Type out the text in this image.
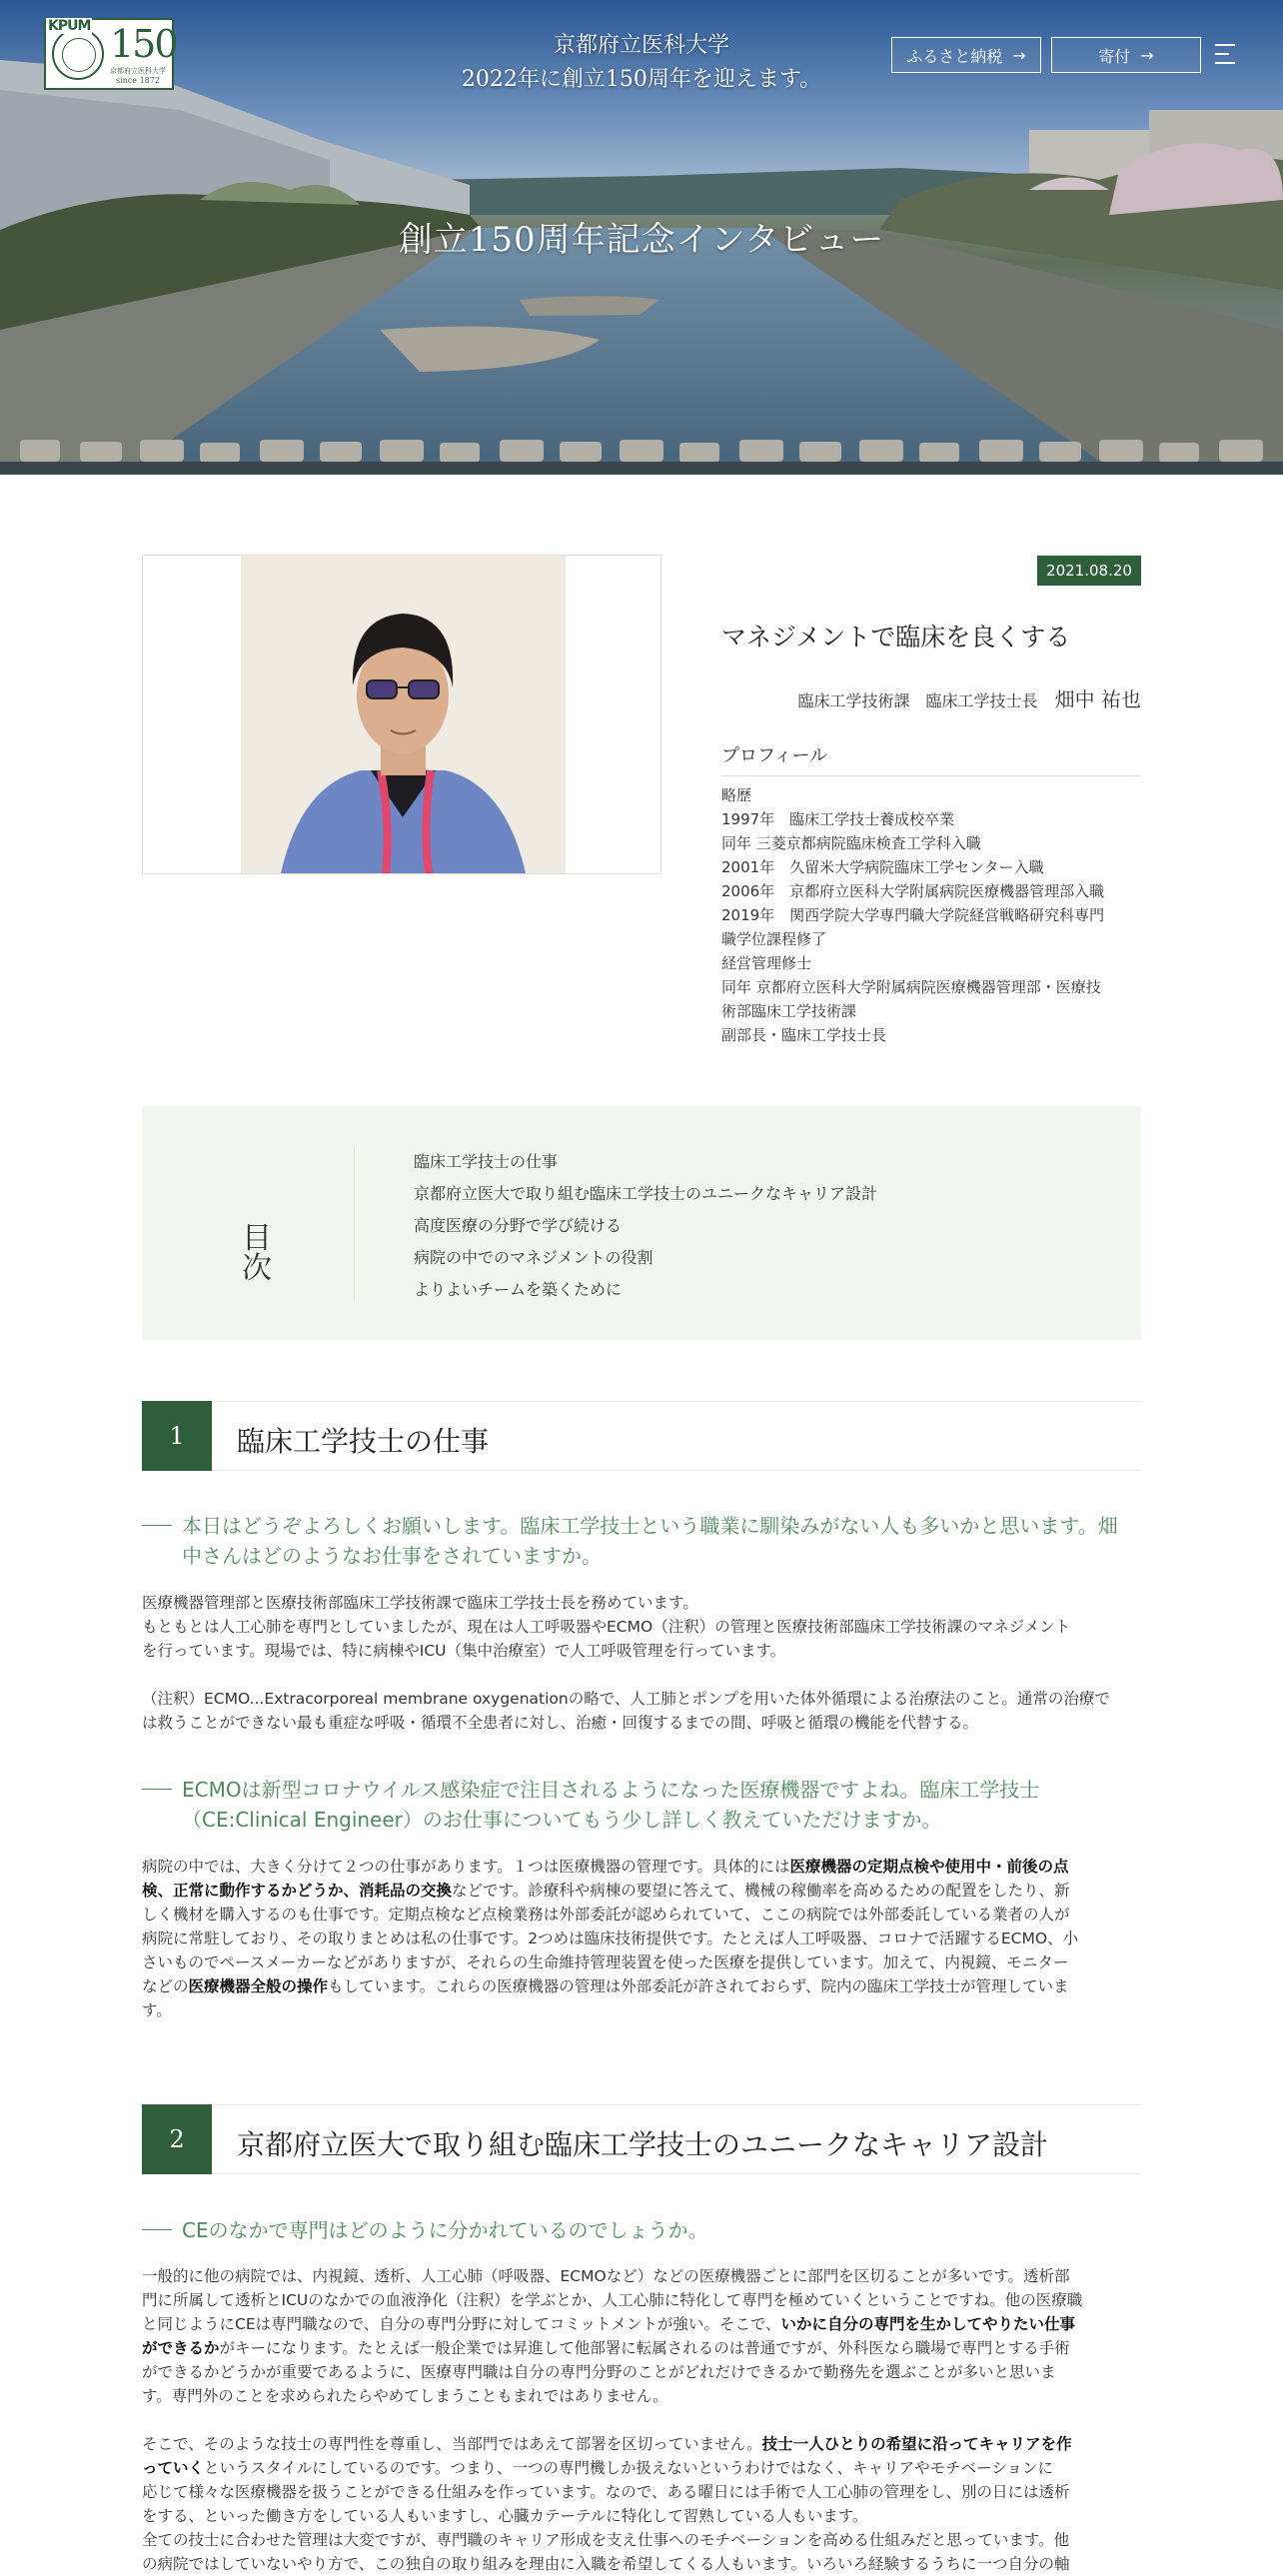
KPUM 150
京都府立医科大学
since 1872
京都府立医科大学
2022年に創立150周年を迎えます。
創立150周年記念インタビュー
ふるさと納税 →	寄付 →
2021.08.20
マネジメントで臨床を良くする
臨床工学技術課　臨床工学技士長 畑中 祐也
プロフィール
略歴
1997年　臨床工学技士養成校卒業
同年 三菱京都病院臨床検査工学科入職
2001年　久留米大学病院臨床工学センター入職
2006年　京都府立医科大学附属病院医療機器管理部入職
2019年　関西学院大学専門職大学院経営戦略研究科専門
職学位課程修了
経営管理修士
同年 京都府立医科大学附属病院医療機器管理部・医療技
術部臨床工学技術課
副部長・臨床工学技士長
目
次
臨床工学技士の仕事
京都府立医大で取り組む臨床工学技士のユニークなキャリア設計
高度医療の分野で学び続ける
病院の中でのマネジメントの役割
よりよいチームを築くために
1	臨床工学技士の仕事
本日はどうぞよろしくお願いします。臨床工学技士という職業に馴染みがない人も多いかと思います。畑
中さんはどのようなお仕事をされていますか。
医療機器管理部と医療技術部臨床工学技術課で臨床工学技士長を務めています。
もともとは人工心肺を専門としていましたが、現在は人工呼吸器やECMO（注釈）の管理と医療技術部臨床工学技術課のマネジメント
を行っています。現場では、特に病棟やICU（集中治療室）で人工呼吸管理を行っています。
（注釈）ECMO...Extracorporeal membrane oxygenationの略で、人工肺とポンプを用いた体外循環による治療法のこと。通常の治療で
は救うことができない最も重症な呼吸・循環不全患者に対し、治癒・回復するまでの間、呼吸と循環の機能を代替する。
ECMOは新型コロナウイルス感染症で注目されるようになった医療機器ですよね。臨床工学技士
（CE:Clinical Engineer）のお仕事についてもう少し詳しく教えていただけますか。
病院の中では、大きく分けて２つの仕事があります。１つは医療機器の管理です。具体的には医療機器の定期点検や使用中・前後の点
検、正常に動作するかどうか、消耗品の交換などです。診療科や病棟の要望に答えて、機械の稼働率を高めるための配置をしたり、新
しく機材を購入するのも仕事です。定期点検など点検業務は外部委託が認められていて、ここの病院では外部委託している業者の人が
病院に常駐しており、その取りまとめは私の仕事です。2つめは臨床技術提供です。たとえば人工呼吸器、コロナで活躍するECMO、小
さいものでペースメーカーなどがありますが、それらの生命維持管理装置を使った医療を提供しています。加えて、内視鏡、モニター
などの医療機器全般の操作もしています。これらの医療機器の管理は外部委託が許されておらず、院内の臨床工学技士が管理していま
す。
2	京都府立医大で取り組む臨床工学技士のユニークなキャリア設計
CEのなかで専門はどのように分かれているのでしょうか。
一般的に他の病院では、内視鏡、透析、人工心肺（呼吸器、ECMOなど）などの医療機器ごとに部門を区切ることが多いです。透析部
門に所属して透析とICUのなかでの血液浄化（注釈）を学ぶとか、人工心肺に特化して専門を極めていくということですね。他の医療職
と同じようにCEは専門職なので、自分の専門分野に対してコミットメントが強い。そこで、いかに自分の専門を生かしてやりたい仕事
ができるかがキーになります。たとえば一般企業では昇進して他部署に転属されるのは普通ですが、外科医なら職場で専門とする手術
ができるかどうかが重要であるように、医療専門職は自分の専門分野のことがどれだけできるかで勤務先を選ぶことが多いと思いま
す。専門外のことを求められたらやめてしまうこともまれではありません。
そこで、そのような技士の専門性を尊重し、当部門ではあえて部署を区切っていません。技士一人ひとりの希望に沿ってキャリアを作
っていくというスタイルにしているのです。つまり、一つの専門機しか扱えないというわけではなく、キャリアやモチベーションに
応じて様々な医療機器を扱うことができる仕組みを作っています。なので、ある曜日には手術で人工心肺の管理をし、別の日には透析
をする、といった働き方をしている人もいますし、心臓カテーテルに特化して習熟している人もいます。
全ての技士に合わせた管理は大変ですが、専門職のキャリア形成を支え仕事へのモチベーションを高める仕組みだと思っています。他
の病院ではしていないやり方で、この独自の取り組みを理由に入職を希望してくる人もいます。いろいろ経験するうちに一つ自分の軸
